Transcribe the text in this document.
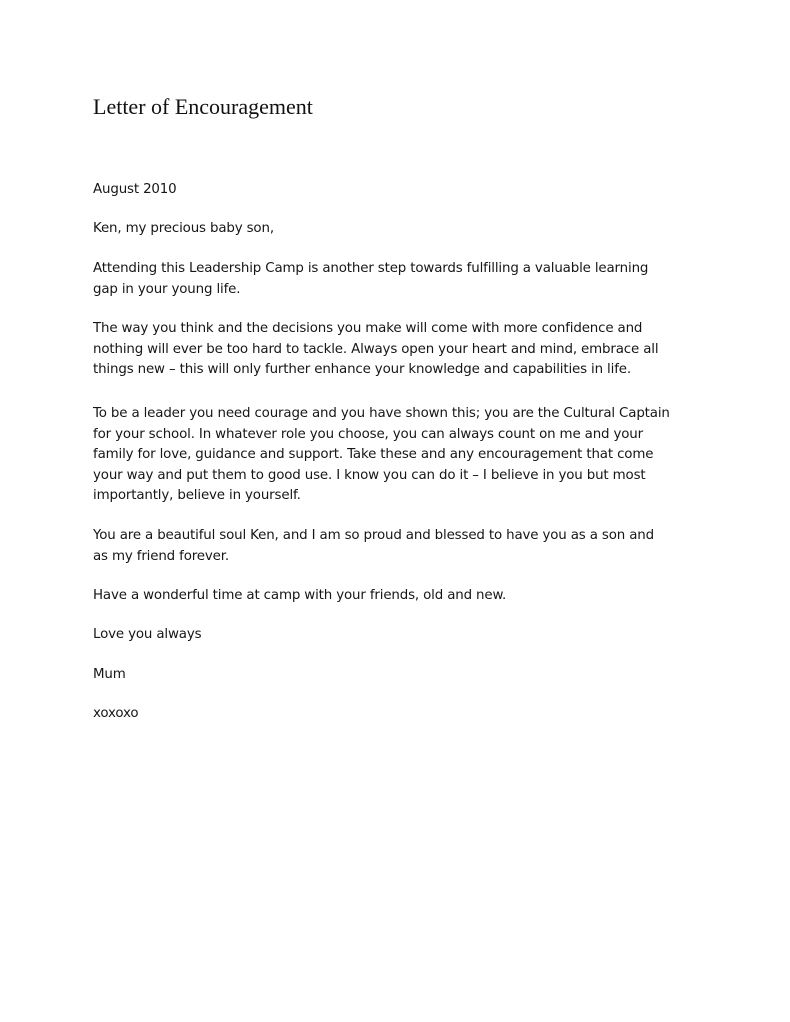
Letter of Encouragement

August 2010

Ken, my precious baby son,

Attending this Leadership Camp is another step towards fulfilling a valuable learning
gap in your young life.

The way you think and the decisions you make will come with more confidence and
nothing will ever be too hard to tackle. Always open your heart and mind, embrace all
things new – this will only further enhance your knowledge and capabilities in life.

To be a leader you need courage and you have shown this; you are the Cultural Captain
for your school. In whatever role you choose, you can always count on me and your
family for love, guidance and support. Take these and any encouragement that come
your way and put them to good use. I know you can do it – I believe in you but most
importantly, believe in yourself.

You are a beautiful soul Ken, and I am so proud and blessed to have you as a son and
as my friend forever.

Have a wonderful time at camp with your friends, old and new.

Love you always

Mum

xoxoxo
